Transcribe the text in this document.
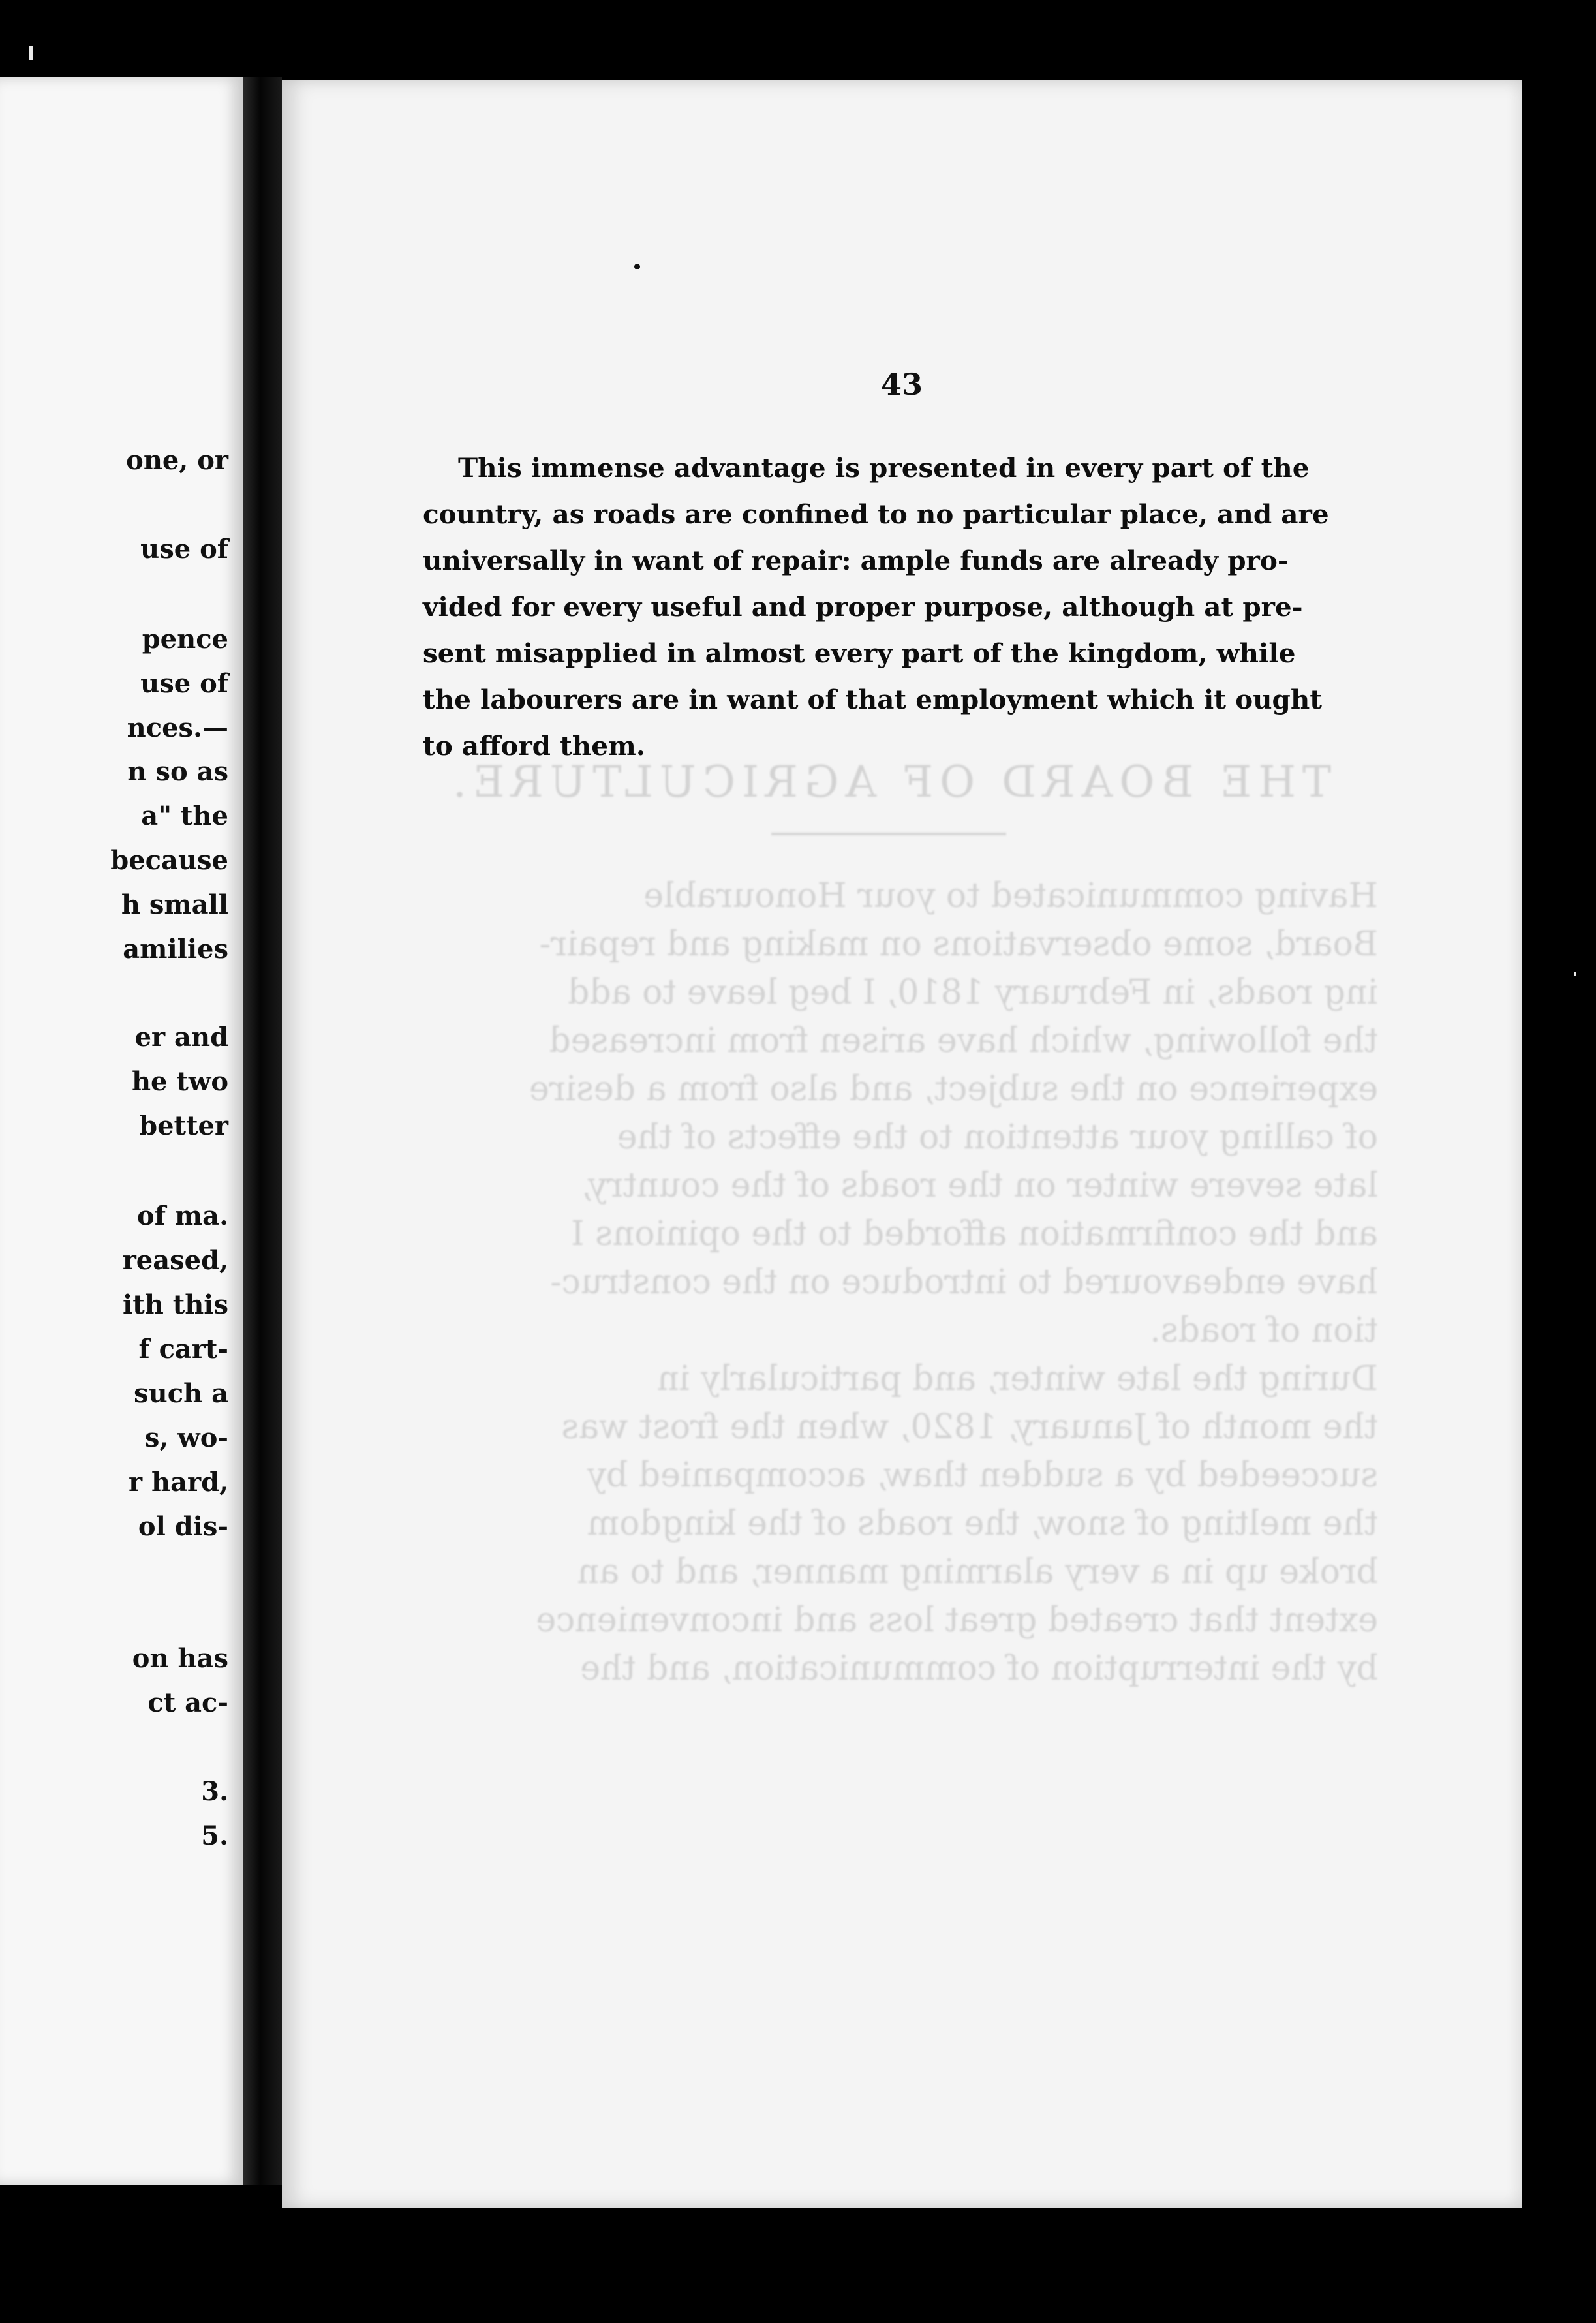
one, or
use of
pence
use of
nces.—
n so as
a" the
because
h small
amilies
er and
he two
better
of ma.
reased,
ith this
f cart-
such a
s, wo-
r hard,
ol dis-
on has
ct ac-
3.
5.
THE BOARD OF AGRICULTURE.
Having communicated to your Honourable
Board, some observations on making and repair-
ing roads, in February 1810, I beg leave to add
the following, which have arisen from increased
experience on the subject, and also from a desire
of calling your attention to the effects of the
late severe winter on the roads of the country,
and the confirmation afforded to the opinions I
have endeavoured to introduce on the construc-
tion of roads.
During the late winter, and particularly in
the month of January, 1820, when the frost was
succeeded by a sudden thaw, accompanied by
the melting of snow, the roads of the kingdom
broke up in a very alarming manner, and to an
extent that created great loss and inconvenience
by the interruption of communication, and the
43
This immense advantage is presented in every part of the
country, as roads are confined to no particular place, and are
universally in want of repair: ample funds are already pro-
vided for every useful and proper purpose, although at pre-
sent misapplied in almost every part of the kingdom, while
the labourers are in want of that employment which it ought
to afford them.
